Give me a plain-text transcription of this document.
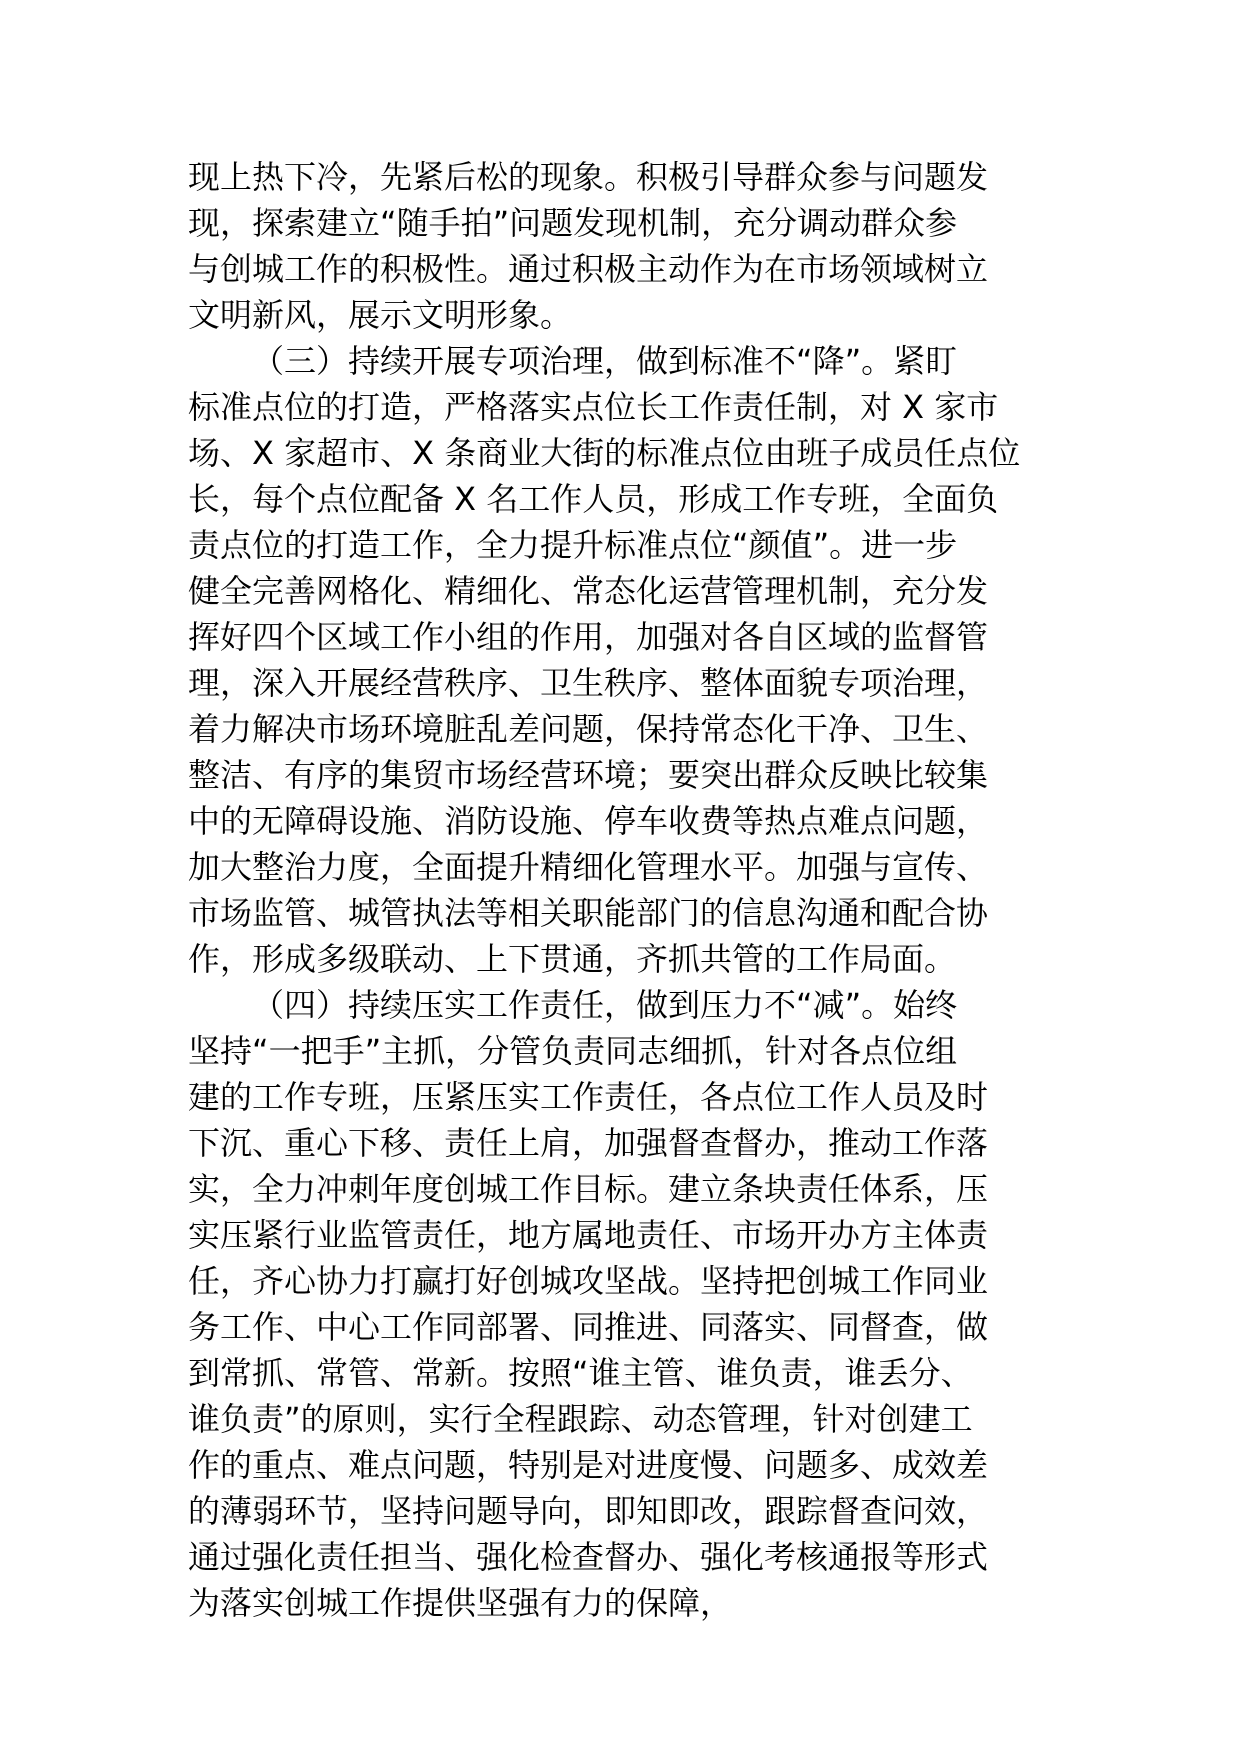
现上热下冷，先紧后松的现象。积极引导群众参与问题发
现，探索建立“随手拍”问题发现机制，充分调动群众参
与创城工作的积极性。通过积极主动作为在市场领域树立
文明新风，展示文明形象。
（三）持续开展专项治理，做到标准不“降”。紧盯
标准点位的打造，严格落实点位长工作责任制，对 X 家市
场、X 家超市、X 条商业大街的标准点位由班子成员任点位
长，每个点位配备 X 名工作人员，形成工作专班，全面负
责点位的打造工作，全力提升标准点位“颜值”。进一步
健全完善网格化、精细化、常态化运营管理机制，充分发
挥好四个区域工作小组的作用，加强对各自区域的监督管
理，深入开展经营秩序、卫生秩序、整体面貌专项治理，
着力解决市场环境脏乱差问题，保持常态化干净、卫生、
整洁、有序的集贸市场经营环境；要突出群众反映比较集
中的无障碍设施、消防设施、停车收费等热点难点问题，
加大整治力度，全面提升精细化管理水平。加强与宣传、
市场监管、城管执法等相关职能部门的信息沟通和配合协
作，形成多级联动、上下贯通，齐抓共管的工作局面。
（四）持续压实工作责任，做到压力不“减”。始终
坚持“一把手”主抓，分管负责同志细抓，针对各点位组
建的工作专班，压紧压实工作责任，各点位工作人员及时
下沉、重心下移、责任上肩，加强督查督办，推动工作落
实，全力冲刺年度创城工作目标。建立条块责任体系，压
实压紧行业监管责任，地方属地责任、市场开办方主体责
任，齐心协力打赢打好创城攻坚战。坚持把创城工作同业
务工作、中心工作同部署、同推进、同落实、同督查，做
到常抓、常管、常新。按照“谁主管、谁负责，谁丢分、
谁负责”的原则，实行全程跟踪、动态管理，针对创建工
作的重点、难点问题，特别是对进度慢、问题多、成效差
的薄弱环节，坚持问题导向，即知即改，跟踪督查问效，
通过强化责任担当、强化检查督办、强化考核通报等形式
为落实创城工作提供坚强有力的保障，
